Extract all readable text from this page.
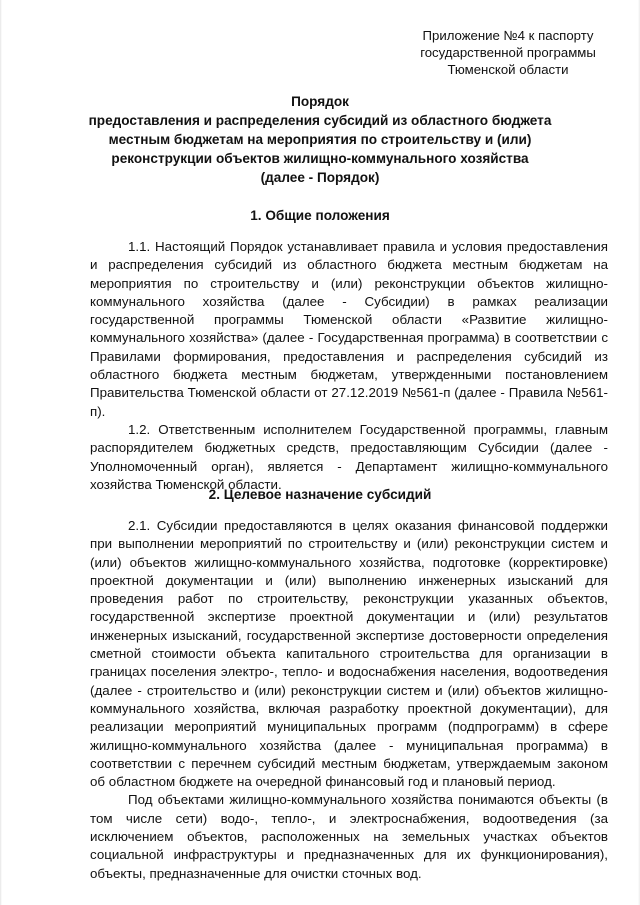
Приложение №4 к паспорту
государственной программы
Тюменской области
Порядок
предоставления и распределения субсидий из областного бюджета
местным бюджетам на мероприятия по строительству и (или)
реконструкции объектов жилищно-коммунального хозяйства
(далее - Порядок)
1. Общие положения

1.1. Настоящий Порядок устанавливает правила и условия предоставления и распределения субсидий из областного бюджета местным бюджетам на мероприятия по строительству и (или) реконструкции объектов жилищно-коммунального хозяйства (далее - Субсидии) в рамках реализации государственной программы Тюменской области «Развитие жилищно-коммунального хозяйства» (далее - Государственная программа) в соответствии с Правилами формирования, предоставления и распределения субсидий из областного бюджета местным бюджетам, утвержденными постановлением Правительства Тюменской области от 27.12.2019 №561-п (далее - Правила №561-п).

1.2. Ответственным исполнителем Государственной программы, главным распорядителем бюджетных средств, предоставляющим Субсидии (далее - Уполномоченный орган), является - Департамент жилищно-коммунального хозяйства Тюменской области.

2. Целевое назначение субсидий

2.1. Субсидии предоставляются в целях оказания финансовой поддержки при выполнении мероприятий по строительству и (или) реконструкции систем и (или) объектов жилищно-коммунального хозяйства, подготовке (корректировке) проектной документации и (или) выполнению инженерных изысканий для проведения работ по строительству, реконструкции указанных объектов, государственной экспертизе проектной документации и (или) результатов инженерных изысканий, государственной экспертизе достоверности определения сметной стоимости объекта капитального строительства для организации в границах поселения электро-, тепло- и водоснабжения населения, водоотведения (далее - строительство и (или) реконструкции систем и (или) объектов жилищно-коммунального хозяйства, включая разработку проектной документации), для реализации мероприятий муниципальных программ (подпрограмм) в сфере жилищно-коммунального хозяйства (далее - муниципальная программа) в соответствии с перечнем субсидий местным бюджетам, утверждаемым законом об областном бюджете на очередной финансовый год и плановый период.

Под объектами жилищно-коммунального хозяйства понимаются объекты (в том числе сети) водо-, тепло-, и электроснабжения, водоотведения (за исключением объектов, расположенных на земельных участках объектов социальной инфраструктуры и предназначенных для их функционирования), объекты, предназначенные для очистки сточных вод.
